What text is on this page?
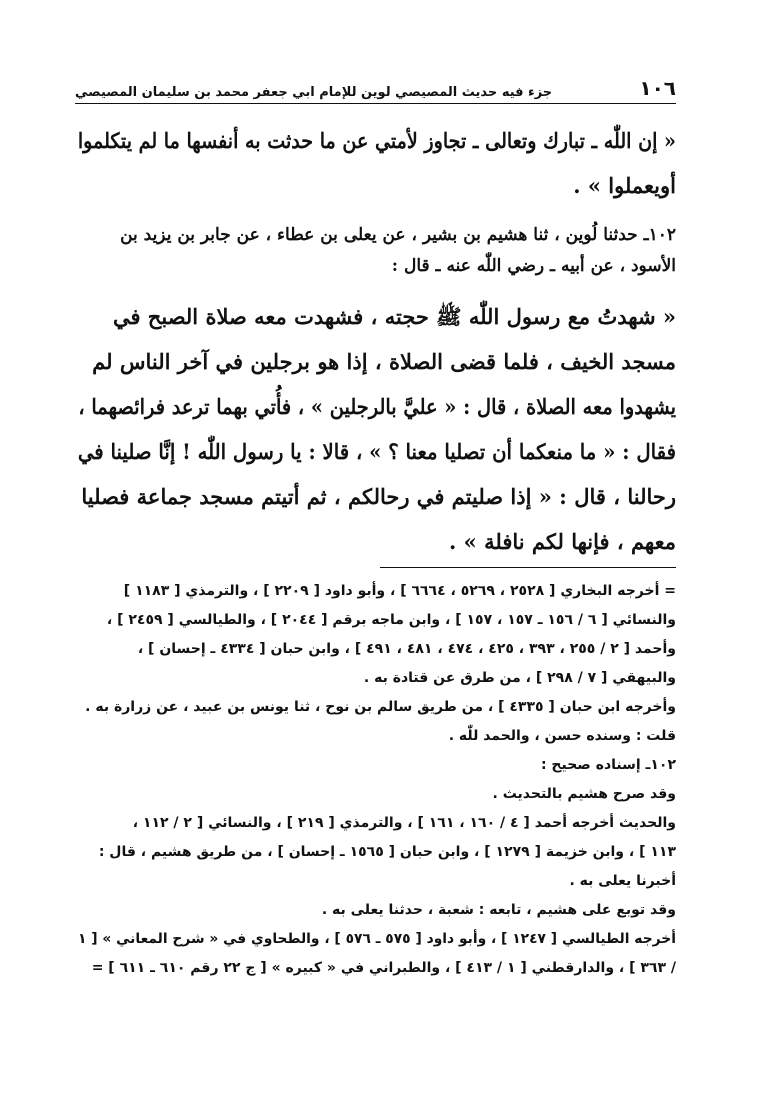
١٠٦
جزء فيه حديث المصيصي لوين للإمام ابي جعفر محمد بن سليمان المصيصي

« إن اللّٰه ـ تبارك وتعالى ـ تجاوز لأمتي عن ما حدثت به أنفسها ما لم يتكلموا
أويعملوا » .

١٠٢ـ حدثنا لُوين ، ثنا هشيم بن بشير ، عن يعلى بن عطاء ، عن جابر بن يزيد بن
الأسود ، عن أبيه ـ رضي اللّٰه عنه ـ قال :

« شهدتُ مع رسول اللّٰه ﷺ حجته ، فشهدت معه صلاة الصبح في
مسجد الخيف ، فلما قضى الصلاة ، إذا هو برجلين في آخر الناس لم
يشهدوا معه الصلاة ، قال : « عليَّ بالرجلين » ، فأُتي بهما ترعد فرائصهما ،
فقال : « ما منعكما أن تصليا معنا ؟ » ، قالا : يا رسول اللّٰه ! إنَّا صلينا في
رحالنا ، قال : « إذا صليتم في رحالكم ، ثم أتيتم مسجد جماعة فصليا
معهم ، فإنها لكم نافلة » .

= أخرجه البخاري [ ٢٥٢٨ ، ٥٢٦٩ ، ٦٦٦٤ ] ، وأبو داود [ ٢٢٠٩ ] ، والترمذي [ ١١٨٣ ]
والنسائي [ ٦ / ١٥٦ ـ ١٥٧ ، ١٥٧ ] ، وابن ماجه برقم [ ٢٠٤٤ ] ، والطيالسي [ ٢٤٥٩ ] ،
وأحمد [ ٢ / ٢٥٥ ، ٣٩٣ ، ٤٢٥ ، ٤٧٤ ، ٤٨١ ، ٤٩١ ] ، وابن حبان [ ٤٣٣٤ ـ إحسان ] ،
والبيهقي [ ٧ / ٢٩٨ ] ، من طرق عن قتادة به .
وأخرجه ابن حبان [ ٤٣٣٥ ] ، من طريق سالم بن نوح ، ثنا يونس بن عبيد ، عن زرارة به .
قلت : وسنده حسن ، والحمد للّٰه .
١٠٢ـ إسناده صحيح :
وقد صرح هشيم بالتحديث .
والحديث أخرجه أحمد [ ٤ / ١٦٠ ، ١٦١ ] ، والترمذي [ ٢١٩ ] ، والنسائي [ ٢ / ١١٢ ،
١١٣ ] ، وابن خزيمة [ ١٢٧٩ ] ، وابن حبان [ ١٥٦٥ ـ إحسان ] ، من طريق هشيم ، قال :
أخبرنا يعلى به .
وقد توبع على هشيم ، تابعه : شعبة ، حدثنا يعلى به .
أخرجه الطيالسي [ ١٢٤٧ ] ، وأبو داود [ ٥٧٥ ـ ٥٧٦ ] ، والطحاوي في « شرح المعاني » [ ١
/ ٣٦٣ ] ، والدارقطني [ ١ / ٤١٣ ] ، والطبراني في « كبيره » [ ج ٢٢ رقم ٦١٠ ـ ٦١١ ] =
